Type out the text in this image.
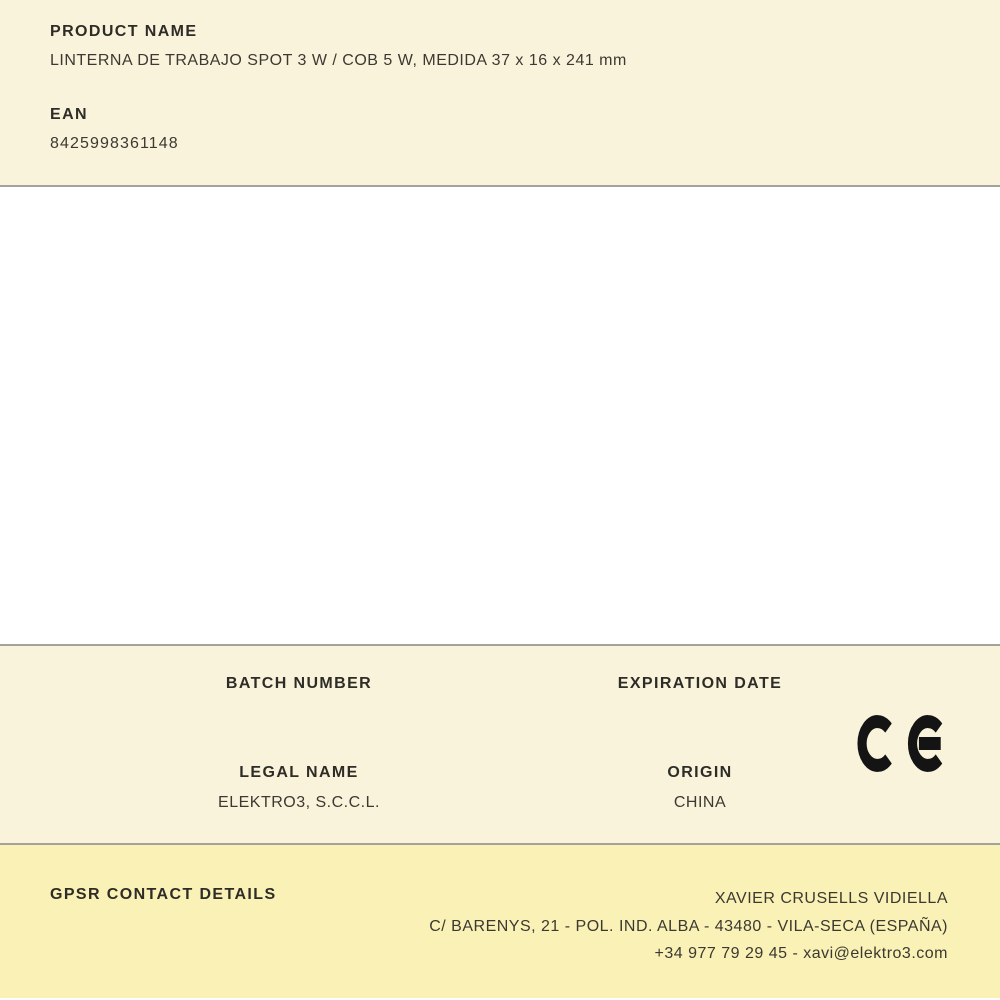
PRODUCT NAME
LINTERNA DE TRABAJO SPOT 3 W / COB 5 W, MEDIDA 37 x 16 x 241 mm
EAN
8425998361148
BATCH NUMBER	EXPIRATION DATE
LEGAL NAME
ELEKTRO3, S.C.C.L.
ORIGIN
CHINA
GPSR CONTACT DETAILS	XAVIER CRUSELLS VIDIELLA
C/ BARENYS, 21 - POL. IND. ALBA - 43480 - VILA-SECA (ESPAÑA)
+34 977 79 29 45 - xavi@elektro3.com
